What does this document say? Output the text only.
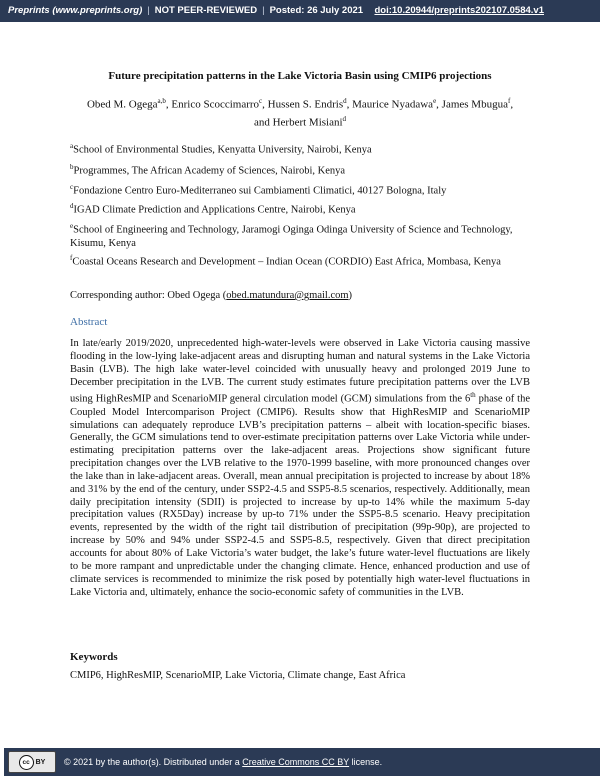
Preprints (www.preprints.org) | NOT PEER-REVIEWED | Posted: 26 July 2021 doi:10.20944/preprints202107.0584.v1
Future precipitation patterns in the Lake Victoria Basin using CMIP6 projections
Obed M. Ogega$^{a,b}$, Enrico Scoccimarro$^c$, Hussen S. Endris$^d$, Maurice Nyadawa$^e$, James Mbugua$^f$,
and Herbert Misiani$^d$
$^a$School of Environmental Studies, Kenyatta University, Nairobi, Kenya
$^b$Programmes, The African Academy of Sciences, Nairobi, Kenya
$^c$Fondazione Centro Euro-Mediterraneo sui Cambiamenti Climatici, 40127 Bologna, Italy
$^d$IGAD Climate Prediction and Applications Centre, Nairobi, Kenya
$^e$School of Engineering and Technology, Jaramogi Oginga Odinga University of Science and Technology, Kisumu, Kenya
$^f$Coastal Oceans Research and Development – Indian Ocean (CORDIO) East Africa, Mombasa, Kenya
Corresponding author: Obed Ogega (obed.matundura@gmail.com)
Abstract
In late/early 2019/2020, unprecedented high-water-levels were observed in Lake Victoria causing massive flooding in the low-lying lake-adjacent areas and disrupting human and natural systems in the Lake Victoria Basin (LVB). The high lake water-level coincided with unusually heavy and prolonged 2019 June to December precipitation in the LVB. The current study estimates future precipitation patterns over the LVB using HighResMIP and ScenarioMIP general circulation model (GCM) simulations from the 6th phase of the Coupled Model Intercomparison Project (CMIP6). Results show that HighResMIP and ScenarioMIP simulations can adequately reproduce LVB’s precipitation patterns – albeit with location-specific biases. Generally, the GCM simulations tend to over-estimate precipitation patterns over Lake Victoria while under-estimating precipitation patterns over the lake-adjacent areas. Projections show significant future precipitation changes over the LVB relative to the 1970-1999 baseline, with more pronounced changes over the lake than in lake-adjacent areas. Overall, mean annual precipitation is projected to increase by about 18% and 31% by the end of the century, under SSP2-4.5 and SSP5-8.5 scenarios, respectively. Additionally, mean daily precipitation intensity (SDII) is projected to increase by up-to 14% while the maximum 5-day precipitation values (RX5Day) increase by up-to 71% under the SSP5-8.5 scenario. Heavy precipitation events, represented by the width of the right tail distribution of precipitation (99p-90p), are projected to increase by 50% and 94% under SSP2-4.5 and SSP5-8.5, respectively. Given that direct precipitation accounts for about 80% of Lake Victoria’s water budget, the lake’s future water-level fluctuations are likely to be more rampant and unpredictable under the changing climate. Hence, enhanced production and use of climate services is recommended to minimize the risk posed by potentially high water-level fluctuations in Lake Victoria and, ultimately, enhance the socio-economic safety of communities in the LVB.
Keywords
CMIP6, HighResMIP, ScenarioMIP, Lake Victoria, Climate change, East Africa
cc BY © 2021 by the author(s). Distributed under a Creative Commons CC BY license.
